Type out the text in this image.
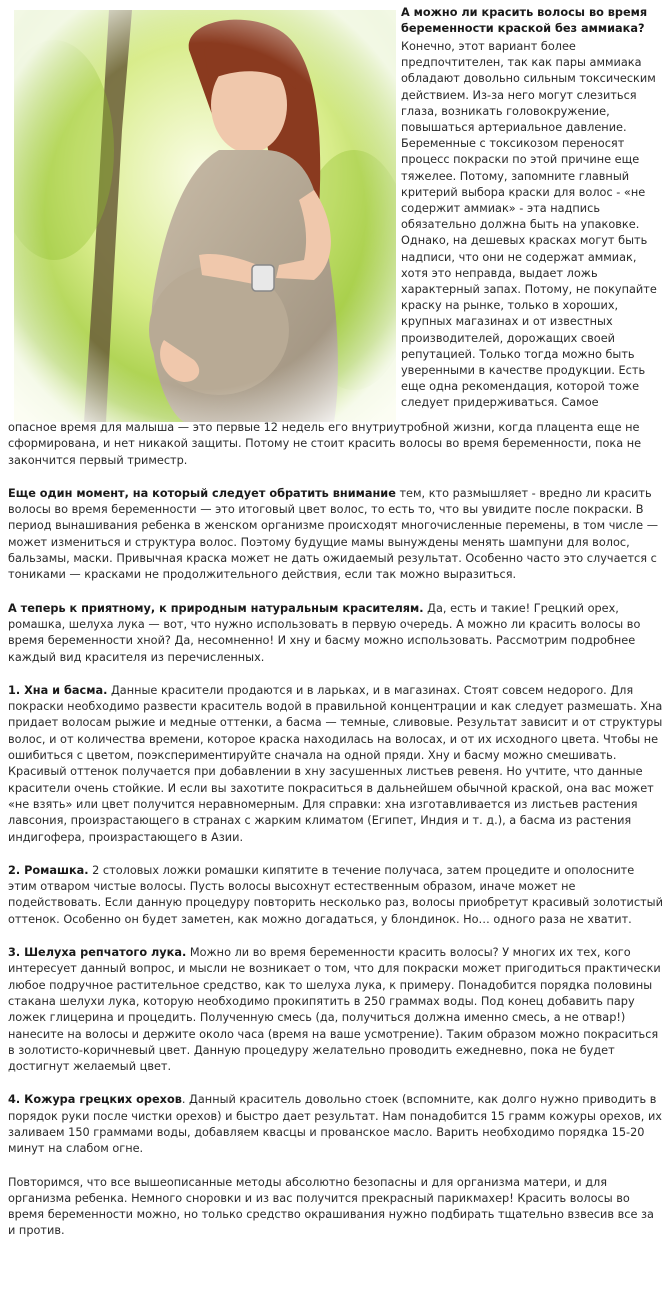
А можно ли красить волосы во время беременности краской без аммиака?

Конечно, этот вариант более предпочтителен, так как пары аммиака обладают довольно сильным токсическим действием. Из-за него могут слезиться глаза, возникать головокружение, повышаться артериальное давление. Беременные с токсикозом переносят процесс покраски по этой причине еще тяжелее. Потому, запомните главный критерий выбора краски для волос - «не содержит аммиак» - эта надпись обязательно должна быть на упаковке. Однако, на дешевых красках могут быть надписи, что они не содержат аммиак, хотя это неправда, выдает ложь характерный запах. Потому, не покупайте краску на рынке, только в хороших, крупных магазинах и от известных производителей, дорожащих своей репутацией. Только тогда можно быть уверенными в качестве продукции. Есть еще одна рекомендация, которой тоже следует придерживаться. Самое

опасное время для малыша — это первые 12 недель его внутриутробной жизни, когда плацента еще не сформирована, и нет никакой защиты. Потому не стоит красить волосы во время беременности, пока не закончится первый триместр.

Еще один момент, на который следует обратить внимание тем, кто размышляет - вредно ли красить волосы во время беременности — это итоговый цвет волос, то есть то, что вы увидите после покраски. В период вынашивания ребенка в женском организме происходят многочисленные перемены, в том числе — может измениться и структура волос. Поэтому будущие мамы вынуждены менять шампуни для волос, бальзамы, маски. Привычная краска может не дать ожидаемый результат. Особенно часто это случается с тониками — красками не продолжительного действия, если так можно выразиться.

А теперь к приятному, к природным натуральным красителям. Да, есть и такие! Грецкий орех, ромашка, шелуха лука — вот, что нужно использовать в первую очередь. А можно ли красить волосы во время беременности хной? Да, несомненно! И хну и басму можно использовать. Рассмотрим подробнее каждый вид красителя из перечисленных.

1. Хна и басма. Данные красители продаются и в ларьках, и в магазинах. Стоят совсем недорого. Для покраски необходимо развести краситель водой в правильной концентрации и как следует размешать. Хна придает волосам рыжие и медные оттенки, а басма — темные, сливовые. Результат зависит и от структуры волос, и от количества времени, которое краска находилась на волосах, и от их исходного цвета. Чтобы не ошибиться с цветом, поэкспериментируйте сначала на одной пряди. Хну и басму можно смешивать. Красивый оттенок получается при добавлении в хну засушенных листьев ревеня. Но учтите, что данные красители очень стойкие. И если вы захотите покраситься в дальнейшем обычной краской, она вас может «не взять» или цвет получится неравномерным. Для справки: хна изготавливается из листьев растения лавсония, произрастающего в странах с жарким климатом (Египет, Индия и т. д.), а басма из растения индигофера, произрастающего в Азии.

2. Ромашка. 2 столовых ложки ромашки кипятите в течение получаса, затем процедите и ополосните этим отваром чистые волосы. Пусть волосы высохнут естественным образом, иначе может не подействовать. Если данную процедуру повторить несколько раз, волосы приобретут красивый золотистый оттенок. Особенно он будет заметен, как можно догадаться, у блондинок. Но… одного раза не хватит.

3. Шелуха репчатого лука. Можно ли во время беременности красить волосы? У многих их тех, кого интересует данный вопрос, и мысли не возникает о том, что для покраски может пригодиться практически любое подручное растительное средство, как то шелуха лука, к примеру. Понадобится порядка половины стакана шелухи лука, которую необходимо прокипятить в 250 граммах воды. Под конец добавить пару ложек глицерина и процедить. Полученную смесь (да, получиться должна именно смесь, а не отвар!) нанесите на волосы и держите около часа (время на ваше усмотрение). Таким образом можно покраситься в золотисто-коричневый цвет. Данную процедуру желательно проводить ежедневно, пока не будет достигнут желаемый цвет.

4. Кожура грецких орехов. Данный краситель довольно стоек (вспомните, как долго нужно приводить в порядок руки после чистки орехов) и быстро дает результат. Нам понадобится 15 грамм кожуры орехов, их заливаем 150 граммами воды, добавляем квасцы и прованское масло. Варить необходимо порядка 15-20 минут на слабом огне.

Повторимся, что все вышеописанные методы абсолютно безопасны и для организма матери, и для организма ребенка. Немного сноровки и из вас получится прекрасный парикмахер! Красить волосы во время беременности можно, но только средство окрашивания нужно подбирать тщательно взвесив все за и против.
